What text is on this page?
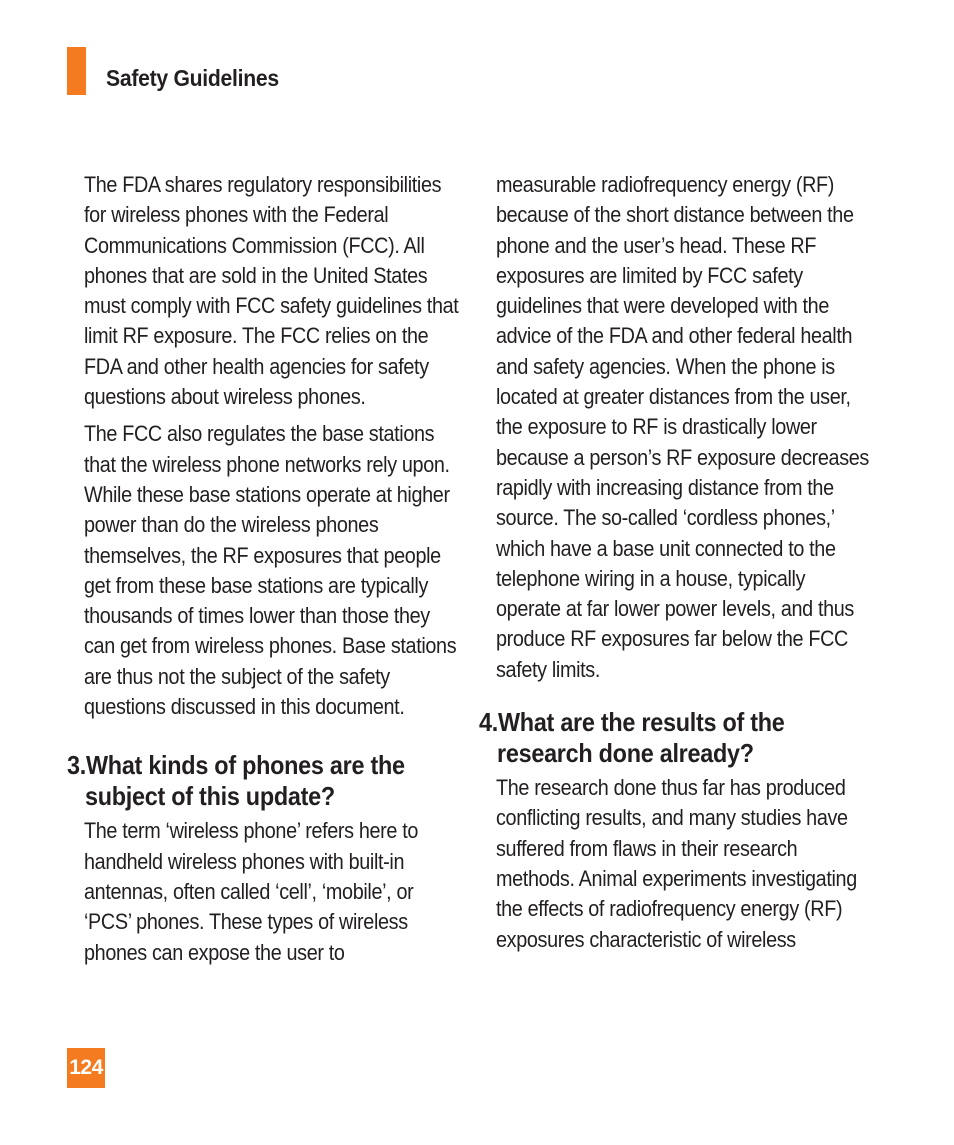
Safety Guidelines

The FDA shares regulatory responsibilities for wireless phones with the Federal Communications Commission (FCC). All phones that are sold in the United States must comply with FCC safety guidelines that limit RF exposure. The FCC relies on the FDA and other health agencies for safety questions about wireless phones.

The FCC also regulates the base stations that the wireless phone networks rely upon. While these base stations operate at higher power than do the wireless phones themselves, the RF exposures that people get from these base stations are typically thousands of times lower than those they can get from wireless phones. Base stations are thus not the subject of the safety questions discussed in this document.

3.What kinds of phones are the subject of this update?

The term ‘wireless phone’ refers here to handheld wireless phones with built-in antennas, often called ‘cell’, ‘mobile’, or ‘PCS’ phones. These types of wireless phones can expose the user to

measurable radiofrequency energy (RF) because of the short distance between the phone and the user’s head. These RF exposures are limited by FCC safety guidelines that were developed with the advice of the FDA and other federal health and safety agencies. When the phone is located at greater distances from the user, the exposure to RF is drastically lower because a person’s RF exposure decreases rapidly with increasing distance from the source. The so-called ‘cordless phones,’ which have a base unit connected to the telephone wiring in a house, typically operate at far lower power levels, and thus produce RF exposures far below the FCC safety limits.

4.What are the results of the research done already?

The research done thus far has produced conflicting results, and many studies have suffered from flaws in their research methods. Animal experiments investigating the effects of radiofrequency energy (RF) exposures characteristic of wireless

124
